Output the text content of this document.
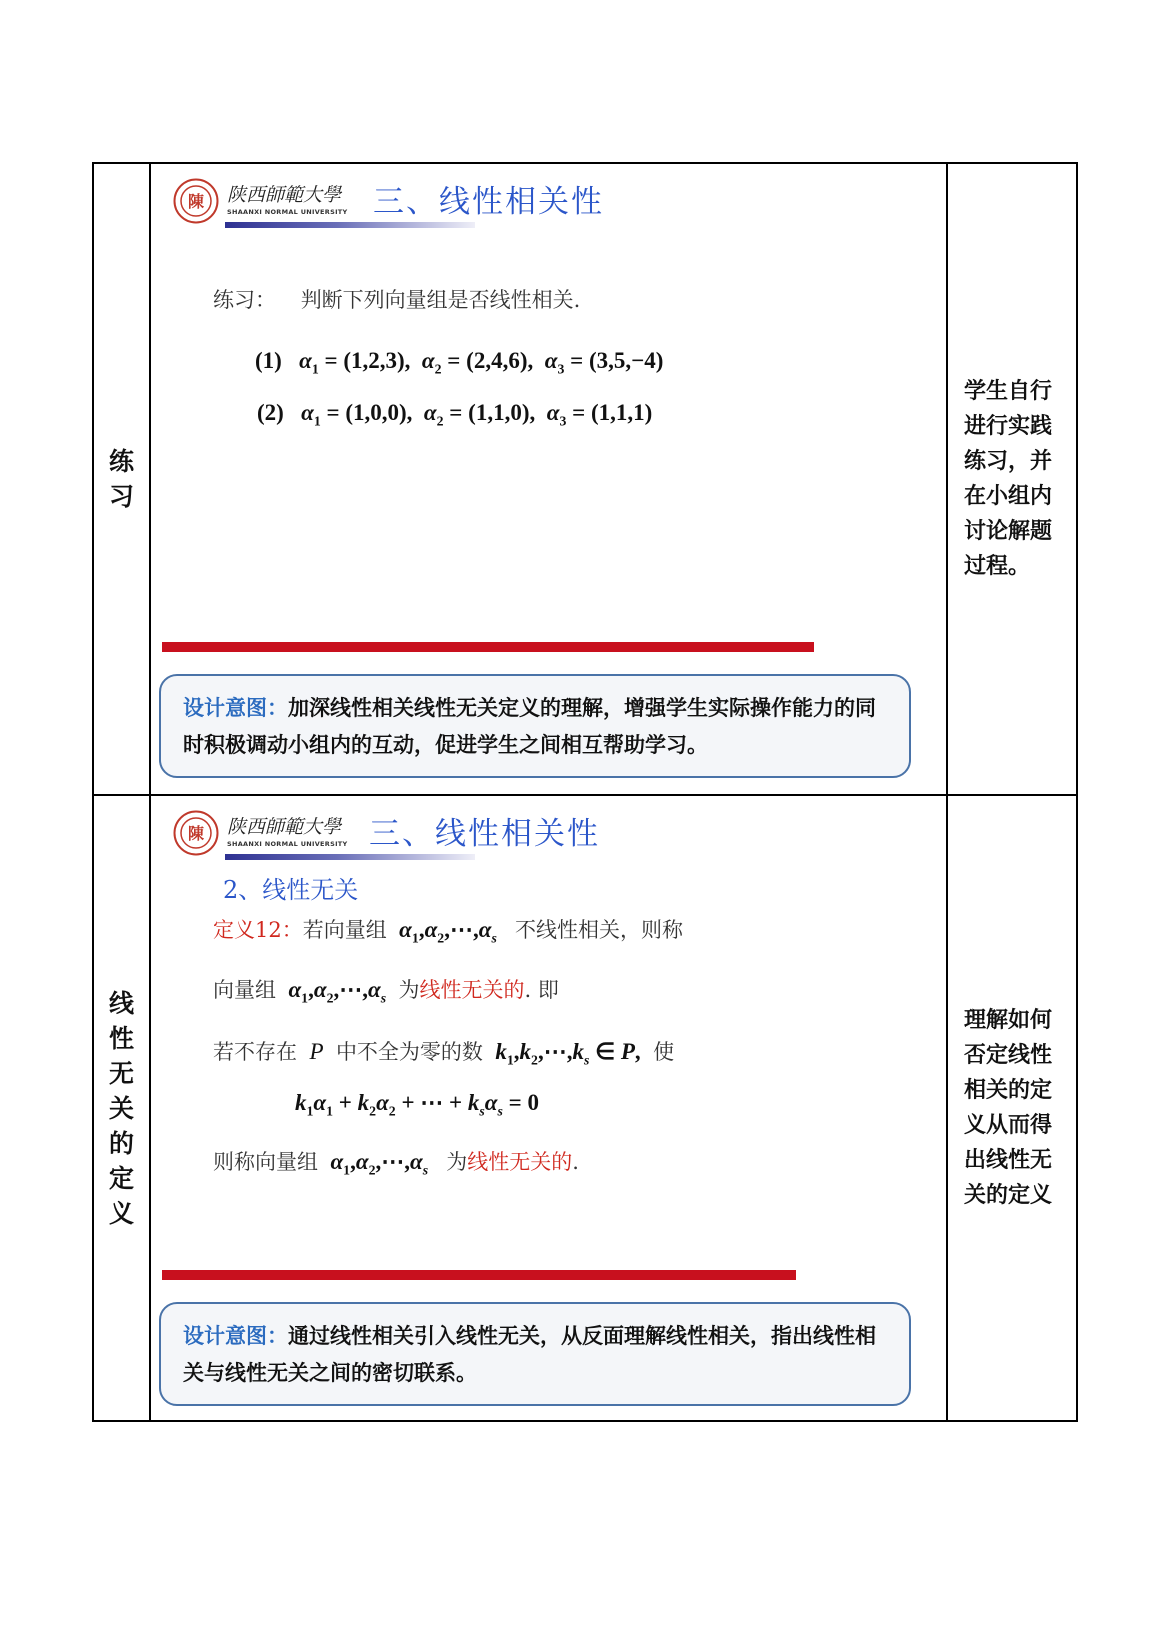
练习
陳 陕西師範大學
SHAANXI NORMAL UNIVERSITY 三、线性相关性
练习： 判断下列向量组是否线性相关.
(1) $\alpha_1 = (1,2,3)$, $\alpha_2 = (2,4,6)$, $\alpha_3 = (3,5,-4)$
(2) $\alpha_1 = (1,0,0)$, $\alpha_2 = (1,1,0)$, $\alpha_3 = (1,1,1)$
设计意图：加深线性相关线性无关定义的理解，增强学生实际操作能力的同时积极调动小组内的互动，促进学生之间相互帮助学习。
学生自行进行实践练习，并在小组内讨论解题过程。
线性无关的定义
陳 陕西師範大學
SHAANXI NORMAL UNIVERSITY 三、线性相关性
2、线性无关
定义12：若向量组 $\alpha_1,\alpha_2,\cdots,\alpha_s$ 不线性相关，则称
向量组 $\alpha_1,\alpha_2,\cdots,\alpha_s$ 为线性无关的. 即
若不存在 P 中不全为零的数 $k_1,k_2,\cdots,k_s$ ∈ P,  使
$k_1\alpha_1 + k_2\alpha_2$ + ⋯ + $k_s\alpha_s = 0$
则称向量组 $\alpha_1,\alpha_2,\cdots,\alpha_s$ 为线性无关的.
设计意图：通过线性相关引入线性无关，从反面理解线性相关，指出线性相关与线性无关之间的密切联系。
理解如何否定线性相关的定义从而得出线性无关的定义
